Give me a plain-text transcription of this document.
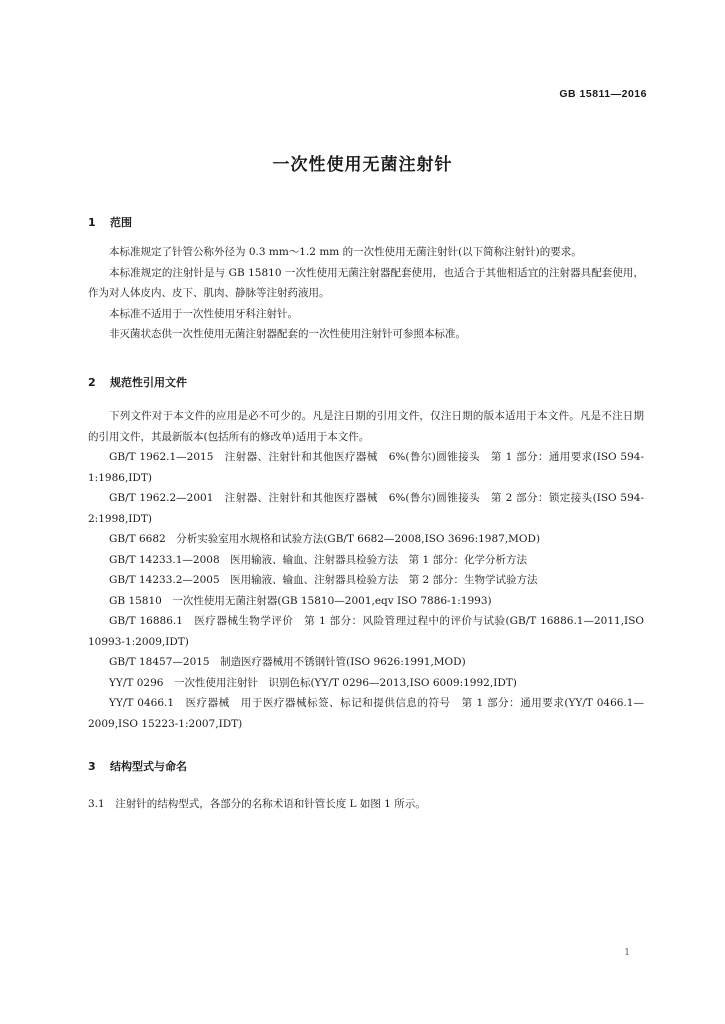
GB 15811—2016
一次性使用无菌注射针
1 范围

本标准规定了针管公称外径为 0.3 mm～1.2 mm 的一次性使用无菌注射针(以下简称注射针)的要求。

本标准规定的注射针是与 GB 15810 一次性使用无菌注射器配套使用，也适合于其他相适宜的注射器具配套使用，作为对人体皮内、皮下、肌肉、静脉等注射药液用。

本标准不适用于一次性使用牙科注射针。

非灭菌状态供一次性使用无菌注射器配套的一次性使用注射针可参照本标准。

2 规范性引用文件

下列文件对于本文件的应用是必不可少的。凡是注日期的引用文件，仅注日期的版本适用于本文件。凡是不注日期的引用文件，其最新版本(包括所有的修改单)适用于本文件。

GB/T 1962.1—2015　注射器、注射针和其他医疗器械　6%(鲁尔)圆锥接头　第 1 部分：通用要求(ISO 594-1:1986,IDT)

GB/T 1962.2—2001　注射器、注射针和其他医疗器械　6%(鲁尔)圆锥接头　第 2 部分：锁定接头(ISO 594-2:1998,IDT)

GB/T 6682　分析实验室用水规格和试验方法(GB/T 6682—2008,ISO 3696:1987,MOD)

GB/T 14233.1—2008　医用输液、输血、注射器具检验方法　第 1 部分：化学分析方法

GB/T 14233.2—2005　医用输液、输血、注射器具检验方法　第 2 部分：生物学试验方法

GB 15810　一次性使用无菌注射器(GB 15810—2001,eqv ISO 7886-1:1993)

GB/T 16886.1　医疗器械生物学评价　第 1 部分：风险管理过程中的评价与试验(GB/T 16886.1—2011,ISO 10993-1:2009,IDT)

GB/T 18457—2015　制造医疗器械用不锈钢针管(ISO 9626:1991,MOD)

YY/T 0296　一次性使用注射针　识别色标(YY/T 0296—2013,ISO 6009:1992,IDT)

YY/T 0466.1　医疗器械　用于医疗器械标签、标记和提供信息的符号　第 1 部分：通用要求(YY/T 0466.1—2009,ISO 15223-1:2007,IDT)

3 结构型式与命名

3.1　注射针的结构型式，各部分的名称术语和针管长度 L 如图 1 所示。

1
